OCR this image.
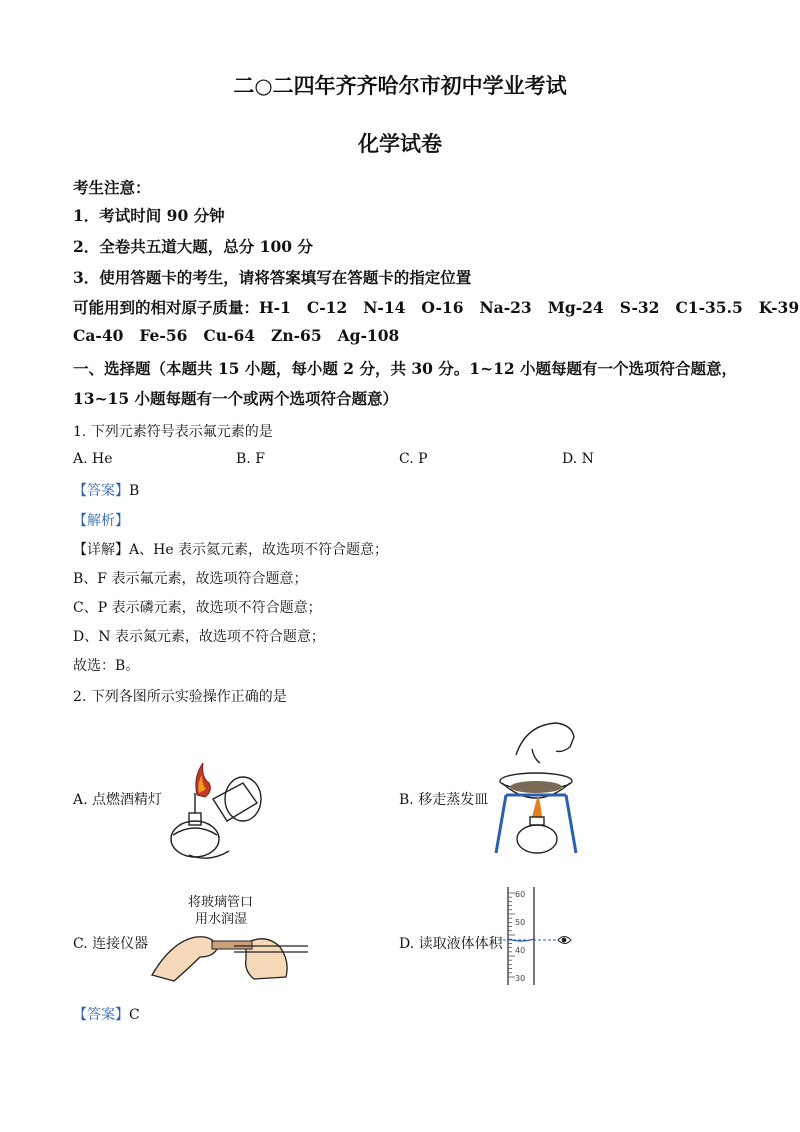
二○二四年齐齐哈尔市初中学业考试
化学试卷
考生注意：
1．考试时间 90 分钟
2．全卷共五道大题，总分 100 分
3．使用答题卡的考生，请将答案填写在答题卡的指定位置
可能用到的相对原子质量：H-1 C-12 N-14 O-16 Na-23 Mg-24 S-32 C1-35.5 K-39
Ca-40 Fe-56 Cu-64 Zn-65 Ag-108
一、选择题（本题共 15 小题，每小题 2 分，共 30 分。1~12 小题每题有一个选项符合题意，
13~15 小题每题有一个或两个选项符合题意）
1. 下列元素符号表示氟元素的是
A. He	B. F	C. P	D. N
【答案】B
【解析】
【详解】A、He 表示氦元素，故选项不符合题意；
B、F 表示氟元素，故选项符合题意；
C、P 表示磷元素，故选项不符合题意；
D、N 表示氮元素，故选项不符合题意；
故选：B。
2. 下列各图所示实验操作正确的是
A. 点燃酒精灯	B. 移走蒸发皿
将玻璃管口
用水润湿
C. 连接仪器	D. 读取液体体积
60
50
40
30
【答案】C
